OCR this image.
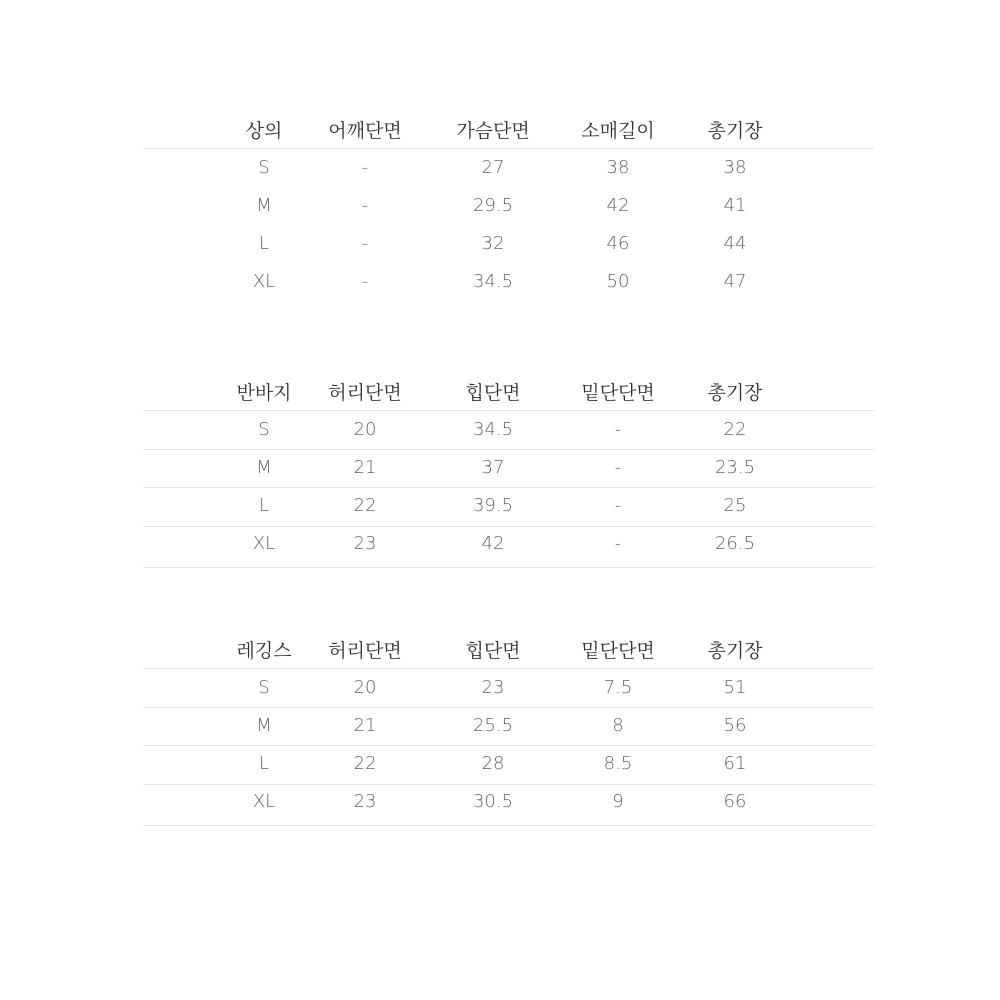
상의	어깨단면	가슴단면	소매길이	총기장
S	-	27	38	38
M	-	29.5	42	41
L	-	32	46	44
XL	-	34.5	50	47
반바지	허리단면	힙단면	밑단단면	총기장
S	20	34.5	-	22
M	21	37	-	23.5
L	22	39.5	-	25
XL	23	42	-	26.5
레깅스	허리단면	힙단면	밑단단면	총기장
S	20	23	7.5	51
M	21	25.5	8	56
L	22	28	8.5	61
XL	23	30.5	9	66
